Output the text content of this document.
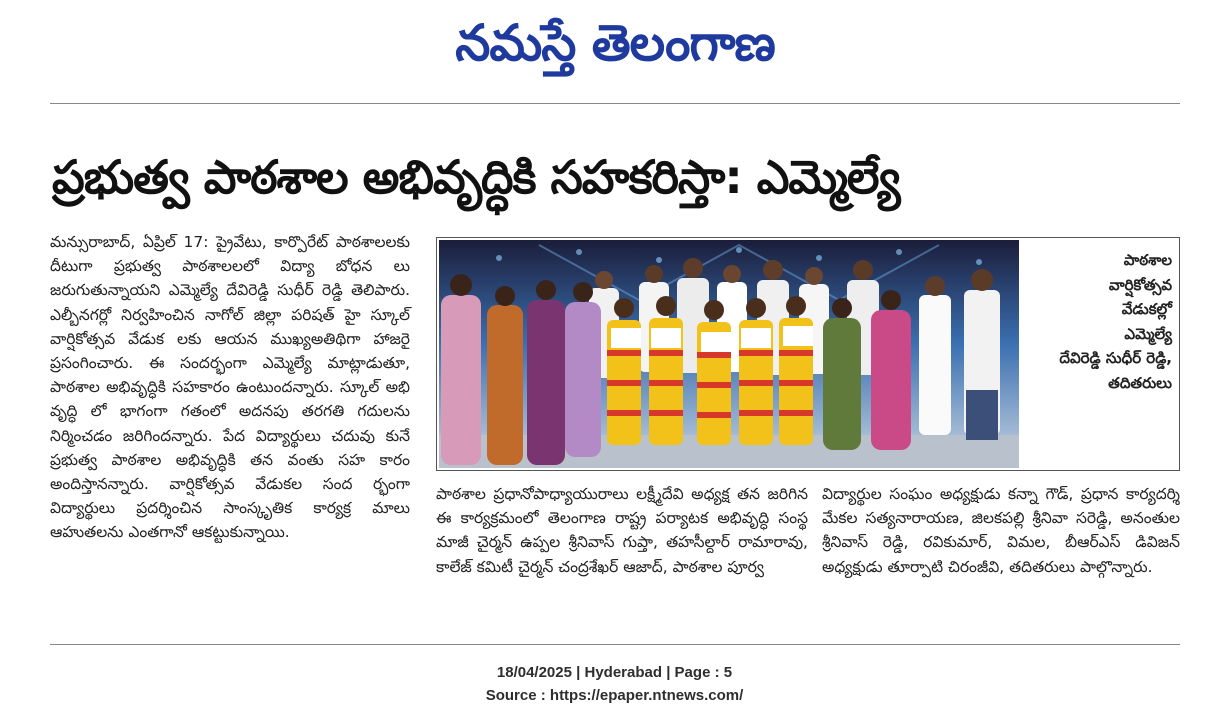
నమస్తే తెలంగాణ
ప్రభుత్వ పాఠశాల అభివృద్ధికి సహకరిస్తా: ఎమ్మెల్యే

మన్సురాబాద్, ఏప్రిల్ 17: ప్రైవేటు, కార్పొరేట్ పాఠశాలలకు దీటుగా ప్రభుత్వ పాఠశాలలలో విద్యా బోధన లు జరుగుతున్నాయని ఎమ్మెల్యే దేవిరెడ్డి సుధీర్ రెడ్డి తెలిపారు. ఎల్బీనగర్లో నిర్వహించిన నాగోల్ జిల్లా పరిషత్ హై స్కూల్ వార్షికోత్సవ వేడుక లకు ఆయన ముఖ్యఅతిథిగా హాజరై ప్రసంగించారు. ఈ సందర్భంగా ఎమ్మెల్యే మాట్లాడుతూ, పాఠశాల అభివృద్ధికి సహకారం ఉంటుందన్నారు. స్కూల్ అభి వృద్ధి లో భాగంగా గతంలో అదనపు తరగతి గదులను నిర్మించడం జరిగిందన్నారు. పేద విద్యార్థులు చదువు కునే ప్రభుత్వ పాఠశాల అభివృద్ధికి తన వంతు సహ కారం అందిస్తానన్నారు. వార్షికోత్సవ వేడుకల సంద ర్భంగా విద్యార్థులు ప్రదర్శించిన సాంస్కృతిక కార్యక్ర మాలు ఆహుతలను ఎంతగానో ఆకట్టుకున్నాయి.

పాఠశాల
వార్షికోత్సవ
వేడుకల్లో
ఎమ్మెల్యే
దేవిరెడ్డి సుధీర్ రెడ్డి,
తదితరులు

పాఠశాల ప్రధానోపాధ్యాయురాలు లక్ష్మీదేవి అధ్యక్ష తన జరిగిన ఈ కార్యక్రమంలో తెలంగాణ రాష్ట్ర పర్యాటక అభివృద్ధి సంస్థ మాజీ చైర్మన్ ఉప్పల శ్రీనివాస్ గుప్తా, తహసీల్దార్ రామారావు, కాలేజ్ కమిటీ చైర్మన్ చంద్రశేఖర్ ఆజాద్, పాఠశాల పూర్వ

విద్యార్థుల సంఘం అధ్యక్షుడు కన్నా గౌడ్, ప్రధాన కార్యదర్శి మేకల సత్యనారాయణ, జిలకపల్లి శ్రీనివా సరెడ్డి, అనంతుల శ్రీనివాస్ రెడ్డి, రవికుమార్, విమల, బీఆర్ఎస్ డివిజన్ అధ్యక్షుడు తూర్పాటి చిరంజీవి, తదితరులు పాల్గొన్నారు.

18/04/2025 | Hyderabad | Page : 5
Source : https://epaper.ntnews.com/
